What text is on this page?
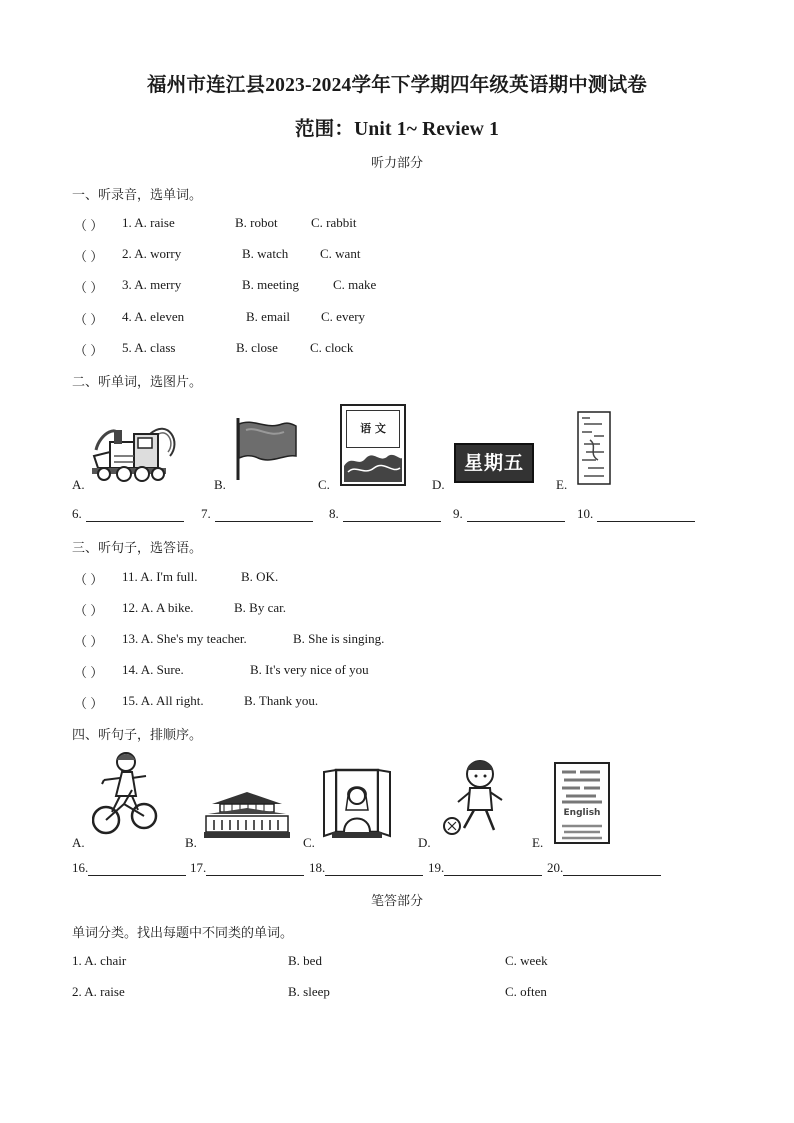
福州市连江县2023-2024学年下学期四年级英语期中测试卷
范围：Unit 1~ Review 1
听力部分
一、听录音，选单词。
（ ） 1. A. raise	B. robot	C. rabbit
（ ） 2. A. worry	B. watch C. want
（ ） 3. A. merry	B. meeting	C. make
（ ） 4. A. eleven	B. email C. every
（ ） 5. A. class	B. close C. clock
二、听单词，选图片。
A.	B.
语 文
C.
星期五
D.	E.
6.	7.	8.	9.	10.
三、听句子，选答语。
（ ） 11. A. I'm full.	B. OK.
（ ） 12. A. A bike.	B. By car.
（ ） 13. A. She's my teacher.	B. She is singing.
（ ） 14. A. Sure.	B. It's very nice of you
（ ） 15. A. All right.	B. Thank you.
四、听句子，排顺序。
A.	B.	C.	D.
English
E.
16.	17.	18.	19.	20.
笔答部分
单词分类。找出每题中不同类的单词。
1. A. chair	B. bed	C. week
2. A. raise	B. sleep	C. often
